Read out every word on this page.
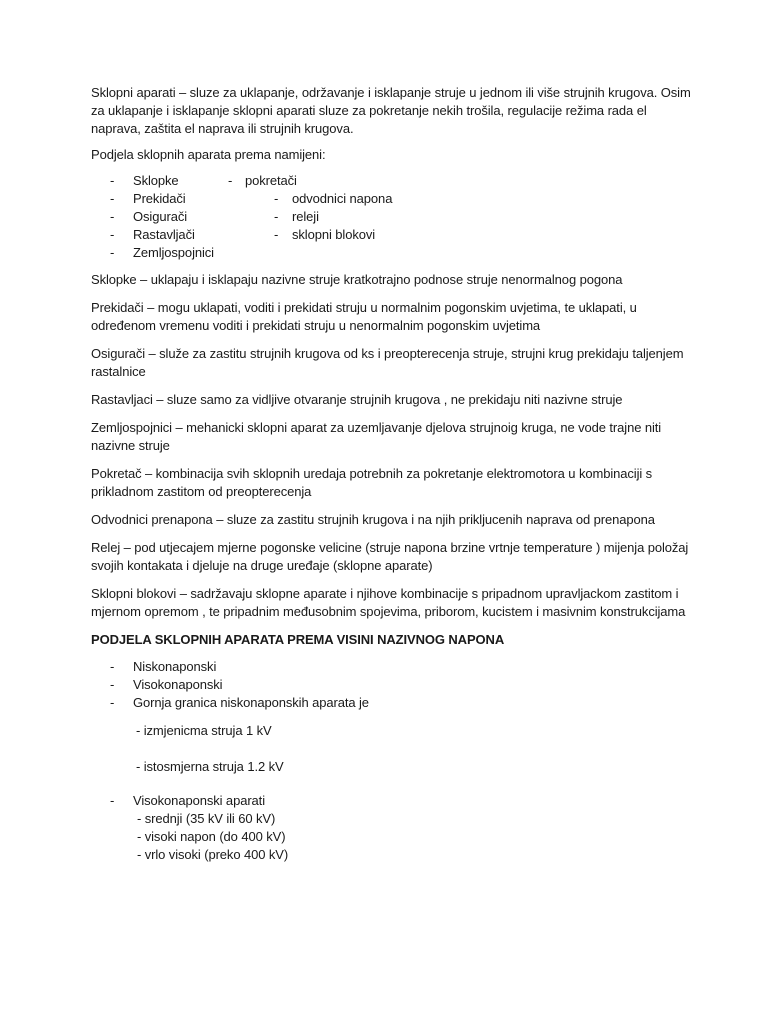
Sklopni aparati – sluze za uklapanje, održavanje i isklapanje struje u jednom ili više strujnih krugova. Osim za uklapanje i isklapanje sklopni aparati sluze za pokretanje nekih trošila, regulacije režima rada el naprava, zaštita el naprava ili strujnih krugova.

Podjela sklopnih aparata prema namijeni:

- Sklopke	- pokretači
- Prekidači	- odvodnici napona
- Osigurači	- releji
- Rastavljači	- sklopni blokovi
- Zemljospojnici

Sklopke – uklapaju i isklapaju nazivne struje kratkotrajno podnose struje nenormalnog pogona

Prekidači – mogu uklapati, voditi i prekidati struju u normalnim pogonskim uvjetima, te uklapati, u određenom vremenu voditi i prekidati struju u nenormalnim pogonskim uvjetima

Osigurači – služe za zastitu strujnih krugova od ks i preopterecenja struje, strujni krug prekidaju taljenjem rastalnice

Rastavljaci – sluze samo za vidljive otvaranje strujnih krugova , ne prekidaju niti nazivne struje

Zemljospojnici – mehanicki sklopni aparat za uzemljavanje djelova strujnoig kruga, ne vode trajne niti nazivne struje

Pokretač – kombinacija svih sklopnih uredaja potrebnih za pokretanje elektromotora u kombinaciji s prikladnom zastitom od preopterecenja

Odvodnici prenapona – sluze za zastitu strujnih krugova i na njih prikljucenih naprava od prenapona

Relej – pod utjecajem mjerne pogonske velicine (struje napona brzine vrtnje temperature ) mijenja položaj svojih kontakata i djeluje na druge uređaje (sklopne aparate)

Sklopni blokovi – sadržavaju sklopne aparate i njihove kombinacije s pripadnom upravljackom zastitom i mjernom opremom , te pripadnim međusobnim spojevima, priborom, kucistem i masivnim konstrukcijama

PODJELA SKLOPNIH APARATA PREMA VISINI NAZIVNOG NAPONA
- Niskonaponski
- Visokonaponski
- Gornja granica niskonaponskih aparata je

- izmjenicma struja 1 kV

- istosmjerna struja 1.2 kV

- Visokonaponski aparati

- srednji (35 kV ili 60 kV)

- visoki napon (do 400 kV)

- vrlo visoki (preko 400 kV)
